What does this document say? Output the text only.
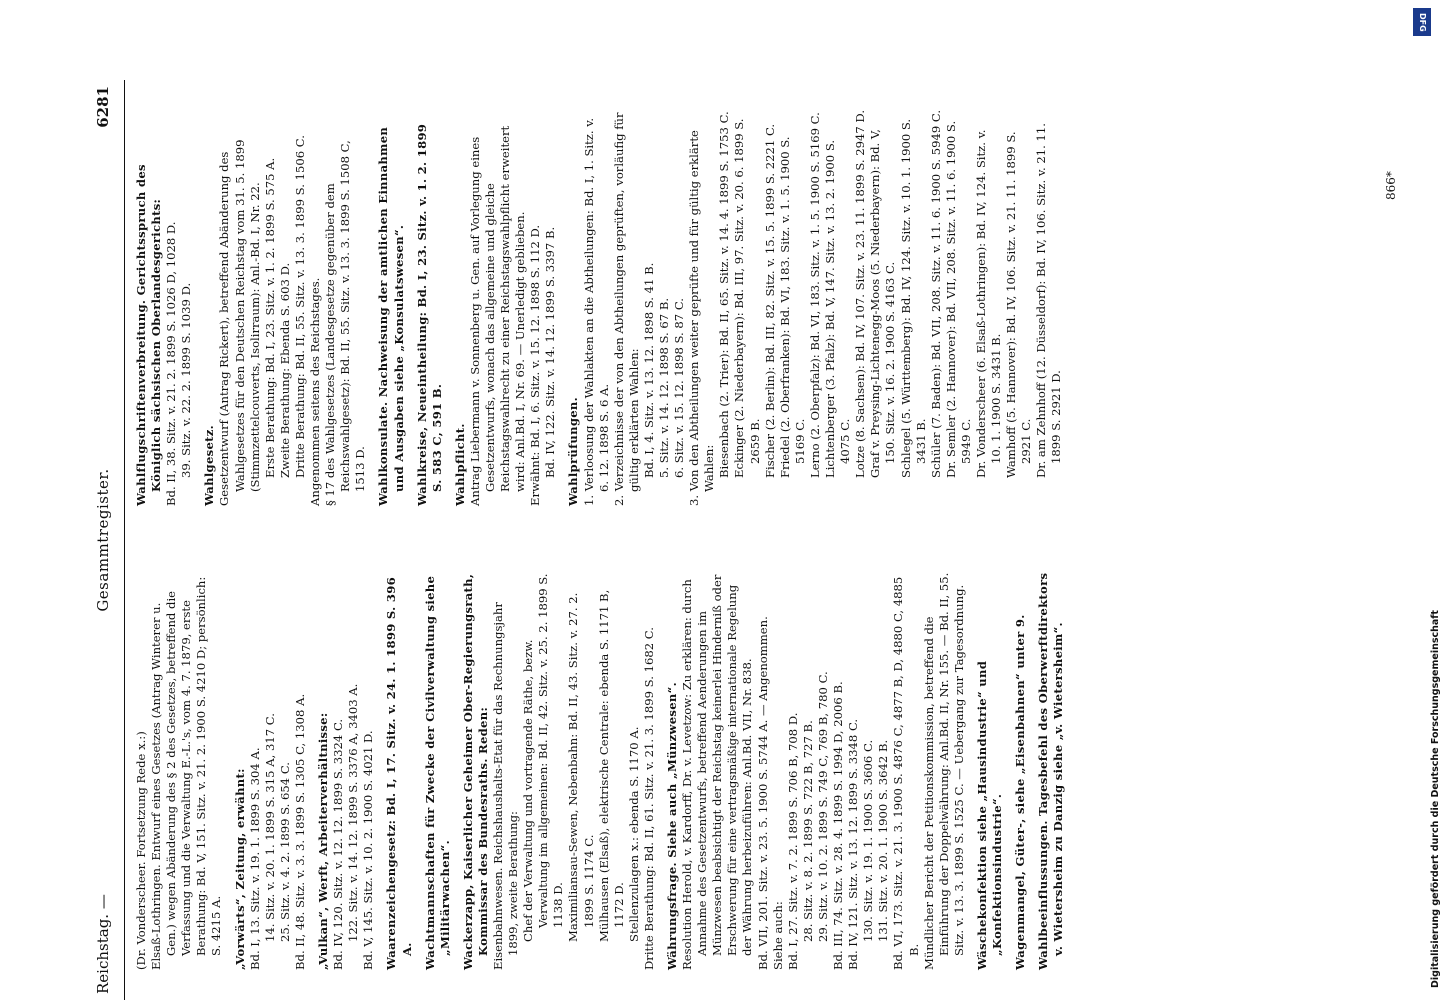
Reichstag. —
Gesammtregister.
6281

(Dr. Vonderscheer. Fortsetzung Rede x.:) Elsaß-Lothringen. Entwurf eines Gesetzes (Antrag Winterer u. Gen.) wegen Abänderung des § 2 des Gesetzes, betreffend die Verfassung und die Verwaltung E.-L.'s, vom 4. 7. 1879, erste Berathung: Bd. V, 151. Sitz. v. 21. 2. 1900 S. 4210 D; persönlich: S. 4215 A. „Vorwärts“, Zeitung, erwähnt: Bd. I, 13. Sitz. v. 19. 1. 1899 S. 304 A. 14. Sitz. v. 20. 1. 1899 S. 315 A, 317 C. 25. Sitz. v. 4. 2. 1899 S. 654 C. Bd. II, 48. Sitz. v. 3. 3. 1899 S. 1305 C, 1308 A. „Vulkan“, Werft, Arbeiterverhältnisse: Bd. IV, 120. Sitz. v. 12. 12. 1899 S. 3324 C. 122. Sitz. v. 14. 12. 1899 S. 3376 A, 3403 A. Bd. V, 145. Sitz. v. 10. 2. 1900 S. 4021 D. Waarenzeichengesetz: Bd. I, 17. Sitz. v. 24. 1. 1899 S. 396 A. Wachtmannschaften für Zwecke der Civilverwaltung siehe „Militärwachen“. Wackerzapp, Kaiserlicher Geheimer Ober-Regierungsrath, Kommissar des Bundesraths. Reden: Eisenbahnwesen. Reichshaushalts-Etat für das Rechnungsjahr 1899, zweite Berathung: Chef der Verwaltung und vortragende Räthe, bezw. Verwaltung im allgemeinen: Bd. II, 42. Sitz. v. 25. 2. 1899 S. 1138 D. Maximiliansau-Sewen, Nebenbahn: Bd. II, 43. Sitz. v. 27. 2. 1899 S. 1174 C. Mülhausen (Elsaß), elektrische Centrale: ebenda S. 1171 B, 1172 D. Stellenzulagen x.: ebenda S. 1170 A. Dritte Berathung: Bd. II, 61. Sitz. v. 21. 3. 1899 S. 1682 C. Währungsfrage. Siehe auch „Münzwesen“. Resolution Herold, v. Kardorff, Dr. v. Levetzow: Zu erklären: durch Annahme des Gesetzentwurfs, betreffend Aenderungen im Münzwesen beabsichtigt der Reichstag keinerlei Hinderniß oder Erschwerung für eine vertragsmäßige internationale Regelung der Währung herbeizuführen: Anl.Bd. VII, Nr. 838. Bd. VII, 201. Sitz. v. 23. 5. 1900 S. 5744 A. — Angenommen. Siehe auch: Bd. I, 27. Sitz. v. 7. 2. 1899 S. 706 B, 708 D. 28. Sitz. v. 8. 2. 1899 S. 722 B, 727 B. 29. Sitz. v. 10. 2. 1899 S. 749 C, 769 B, 780 C. Bd. III, 74. Sitz. v. 28. 4. 1899 S. 1994 D, 2006 B. Bd. IV, 121. Sitz. v. 13. 12. 1899 S. 3348 C. 130. Sitz. v. 19. 1. 1900 S. 3606 C. 131. Sitz. v. 20. 1. 1900 S. 3642 B. Bd. VI, 173. Sitz. v. 21. 3. 1900 S. 4876 C, 4877 B, D, 4880 C, 4885 B. Mündlicher Bericht der Petitionskommission, betreffend die Einführung der Doppelwährung: Anl.Bd. II, Nr. 155. — Bd. II, 55. Sitz. v. 13. 3. 1899 S. 1525 C. — Uebergang zur Tagesordnung. Wäschekonfektion siehe „Hausindustrie“ und „Konfektionsindustrie“. Wagenmangel, Güter-, siehe „Eisenbahnen“ unter 9. Wahlbeeinflussungen. Tagesbefehl des Oberwerftdirektors v. Wietersheim zu Danzig siehe „v. Wietersheim“.

Wahlflugschriftenverbreitung. Gerichtsspruch des Königlich sächsischen Oberlandesgerichts: Bd. II, 38. Sitz. v. 21. 2. 1899 S. 1026 D, 1028 D. 39. Sitz. v. 22. 2. 1899 S. 1039 D. Wahlgesetz. Gesetzentwurf (Antrag Rickert), betreffend Abänderung des Wahlgesetzes für den Deutschen Reichstag vom 31. 5. 1899 (Stimmzettelcouverts, Isolirraum): Anl.-Bd. I, Nr. 22. Erste Berathung: Bd. I, 23. Sitz. v. 1. 2. 1899 S. 575 A. Zweite Berathung: Ebenda S. 603 D. Dritte Berathung: Bd. II, 55. Sitz. v. 13. 3. 1899 S. 1506 C. Angenommen seitens des Reichstages. § 17 des Wahlgesetzes (Landesgesetze gegenüber dem Reichswahlgesetz): Bd. II, 55. Sitz. v. 13. 3. 1899 S. 1508 C, 1513 D. Wahlkonsulate. Nachweisung der amtlichen Einnahmen und Ausgaben siehe „Konsulatswesen“. Wahlkreise, Neueintheilung: Bd. I, 23. Sitz. v. 1. 2. 1899 S. 583 C, 591 B. Wahlpflicht. Antrag Liebermann v. Sonnenberg u. Gen. auf Vorlegung eines Gesetzentwurfs, wonach das allgemeine und gleiche Reichstagswahlrecht zu einer Reichstagswahlpflicht erweitert wird: Anl.Bd. I, Nr. 69. — Unerledigt geblieben. Erwähnt: Bd. I, 6. Sitz. v. 15. 12. 1898 S. 112 D. Bd. IV, 122. Sitz. v. 14. 12. 1899 S. 3397 B. Wahlprüfungen. 1. Verloosung der Wahlakten an die Abtheilungen: Bd. I, 1. Sitz. v. 6. 12. 1898 S. 6 A. 2. Verzeichnisse der von den Abtheilungen geprüften, vorläufig für gültig erklärten Wahlen: Bd. I, 4. Sitz. v. 13. 12. 1898 S. 41 B. 5. Sitz. v. 14. 12. 1898 S. 67 B. 6. Sitz. v. 15. 12. 1898 S. 87 C. 3. Von den Abtheilungen weiter geprüfte und für gültig erklärte Wahlen: Biesenbach (2. Trier): Bd. II, 65. Sitz. v. 14. 4. 1899 S. 1753 C. Eckinger (2. Niederbayern): Bd. III, 97. Sitz. v. 20. 6. 1899 S. 2659 B. Fischer (2. Berlin): Bd. III, 82. Sitz. v. 15. 5. 1899 S. 2221 C. Friedel (2. Oberfranken): Bd. VI, 183. Sitz. v. 1. 5. 1900 S. 5169 C. Lerno (2. Oberpfalz): Bd. VI, 183. Sitz. v. 1. 5. 1900 S. 5169 C. Lichtenberger (3. Pfalz): Bd. V, 147. Sitz. v. 13. 2. 1900 S. 4075 C. Lotze (8. Sachsen): Bd. IV, 107. Sitz. v. 23. 11. 1899 S. 2947 D. Graf v. Preysing-Lichtenegg-Moos (5. Niederbayern): Bd. V, 150. Sitz. v. 16. 2. 1900 S. 4163 C. Schlegel (5. Württemberg): Bd. IV, 124. Sitz. v. 10. 1. 1900 S. 3431 B. Schüler (7. Baden): Bd. VII, 208. Sitz. v. 11. 6. 1900 S. 5949 C. Dr. Semler (2. Hannover): Bd. VII, 208. Sitz. v. 11. 6. 1900 S. 5949 C. Dr. Vonderscheer (6. Elsaß-Lothringen): Bd. IV, 124. Sitz. v. 10. 1. 1900 S. 3431 B. Wamhoff (5. Hannover): Bd. IV, 106. Sitz. v. 21. 11. 1899 S. 2921 C. Dr. am Zehnhoff (12. Düsseldorf): Bd. IV, 106. Sitz. v. 21. 11. 1899 S. 2921 D.

866*
DFG
Digitalisierung gefördert durch die Deutsche Forschungsgemeinschaft
